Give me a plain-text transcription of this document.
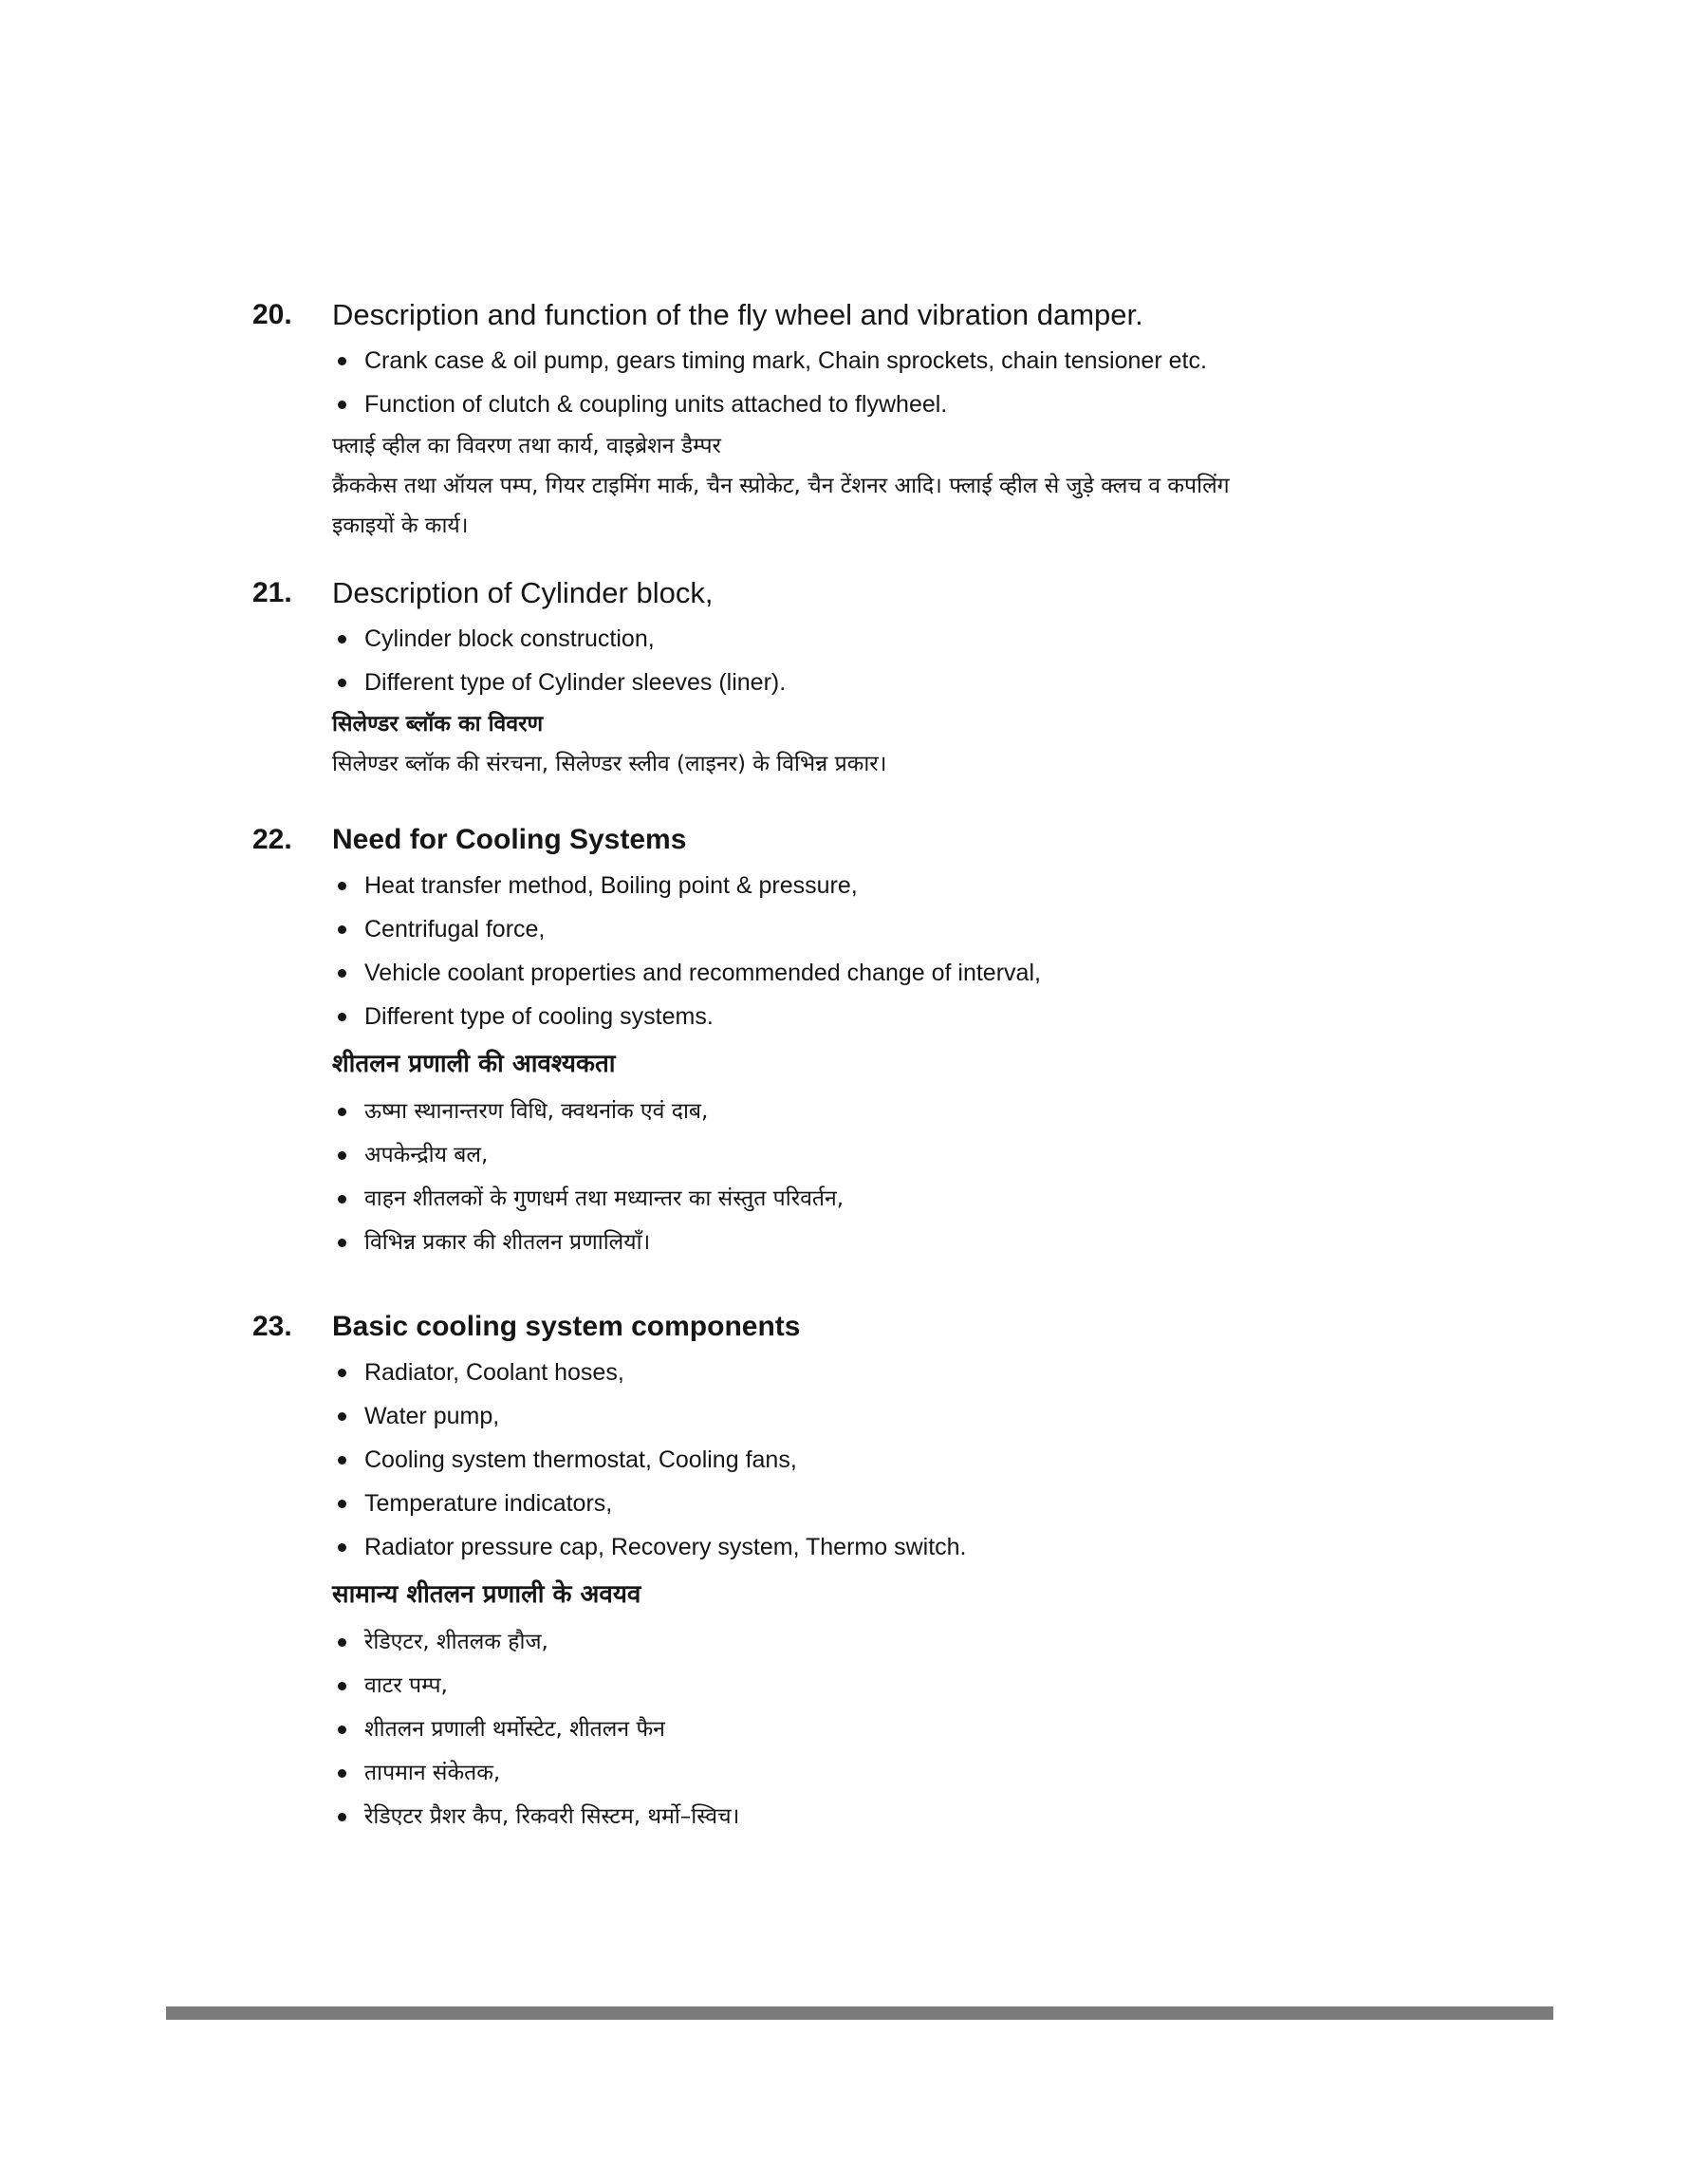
20. Description and function of the fly wheel and vibration damper.
Crank case & oil pump, gears timing mark, Chain sprockets, chain tensioner etc.
Function of clutch & coupling units attached to flywheel.

फ्लाई व्हील का विवरण तथा कार्य, वाइब्रेशन डैम्पर

क्रैंककेस तथा ऑयल पम्प, गियर टाइमिंग मार्क, चैन स्प्रोकेट, चैन टेंशनर आदि। फ्लाई व्हील से जुड़े क्लच व कपलिंग

इकाइयों के कार्य।

21. Description of Cylinder block,
Cylinder block construction,
Different type of Cylinder sleeves (liner).

सिलेण्डर ब्लॉक का विवरण

सिलेण्डर ब्लॉक की संरचना, सिलेण्डर स्लीव (लाइनर) के विभिन्न प्रकार।

22. Need for Cooling Systems
Heat transfer method, Boiling point & pressure,
Centrifugal force,
Vehicle coolant properties and recommended change of interval,
Different type of cooling systems.

शीतलन प्रणाली की आवश्यकता

ऊष्मा स्थानान्तरण विधि, क्वथनांक एवं दाब,
अपकेन्द्रीय बल,
वाहन शीतलकों के गुणधर्म तथा मध्यान्तर का संस्तुत परिवर्तन,
विभिन्न प्रकार की शीतलन प्रणालियाँ।
23. Basic cooling system components
Radiator, Coolant hoses,
Water pump,
Cooling system thermostat, Cooling fans,
Temperature indicators,
Radiator pressure cap, Recovery system, Thermo switch.

सामान्य शीतलन प्रणाली के अवयव

रेडिएटर, शीतलक हौज,
वाटर पम्प,
शीतलन प्रणाली थर्मोस्टेट, शीतलन फैन
तापमान संकेतक,
रेडिएटर प्रैशर कैप, रिकवरी सिस्टम, थर्मो–स्विच।
